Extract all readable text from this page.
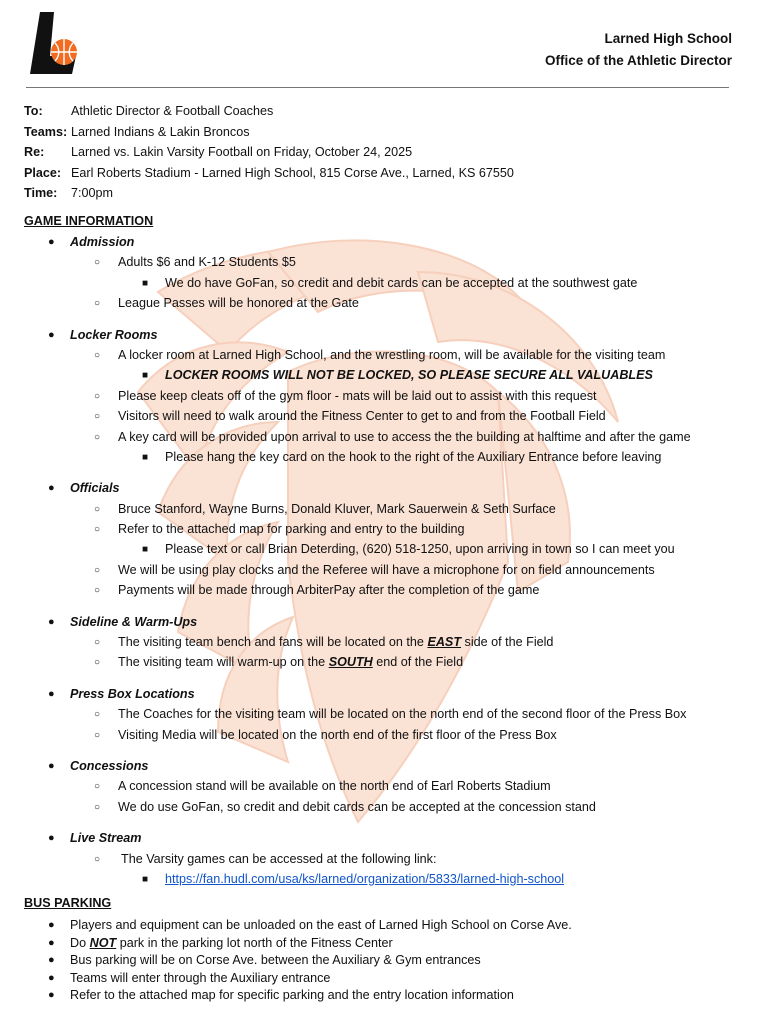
Larned High School
Office of the Athletic Director
To:	Athletic Director & Football Coaches
Teams: Larned Indians & Lakin Broncos
Re:	Larned vs. Lakin Varsity Football on Friday, October 24, 2025
Place: Earl Roberts Stadium - Larned High School, 815 Corse Ave., Larned, KS 67550
Time:	7:00pm
GAME INFORMATION
● Admission
○ Adults $6 and K-12 Students $5
■ We do have GoFan, so credit and debit cards can be accepted at the southwest gate
○ League Passes will be honored at the Gate
● Locker Rooms
○ A locker room at Larned High School, and the wrestling room, will be available for the visiting team
■ LOCKER ROOMS WILL NOT BE LOCKED, SO PLEASE SECURE ALL VALUABLES
○ Please keep cleats off of the gym floor - mats will be laid out to assist with this request
○ Visitors will need to walk around the Fitness Center to get to and from the Football Field
○ A key card will be provided upon arrival to use to access the the building at halftime and after the game
■ Please hang the key card on the hook to the right of the Auxiliary Entrance before leaving
● Officials
○ Bruce Stanford, Wayne Burns, Donald Kluver, Mark Sauerwein & Seth Surface
○ Refer to the attached map for parking and entry to the building
■ Please text or call Brian Deterding, (620) 518-1250, upon arriving in town so I can meet you
○ We will be using play clocks and the Referee will have a microphone for on field announcements
○ Payments will be made through ArbiterPay after the completion of the game
● Sideline & Warm-Ups
○ The visiting team bench and fans will be located on the EAST side of the Field
○ The visiting team will warm-up on the SOUTH end of the Field
● Press Box Locations
○ The Coaches for the visiting team will be located on the north end of the second floor of the Press Box
○ Visiting Media will be located on the north end of the first floor of the Press Box
● Concessions
○ A concession stand will be available on the north end of Earl Roberts Stadium
○ We do use GoFan, so credit and debit cards can be accepted at the concession stand
● Live Stream
○ The Varsity games can be accessed at the following link:
■ https://fan.hudl.com/usa/ks/larned/organization/5833/larned-high-school
BUS PARKING
● Players and equipment can be unloaded on the east of Larned High School on Corse Ave.
● Do NOT park in the parking lot north of the Fitness Center
● Bus parking will be on Corse Ave. between the Auxiliary & Gym entrances
● Teams will enter through the Auxiliary entrance
● Refer to the attached map for specific parking and the entry location information
